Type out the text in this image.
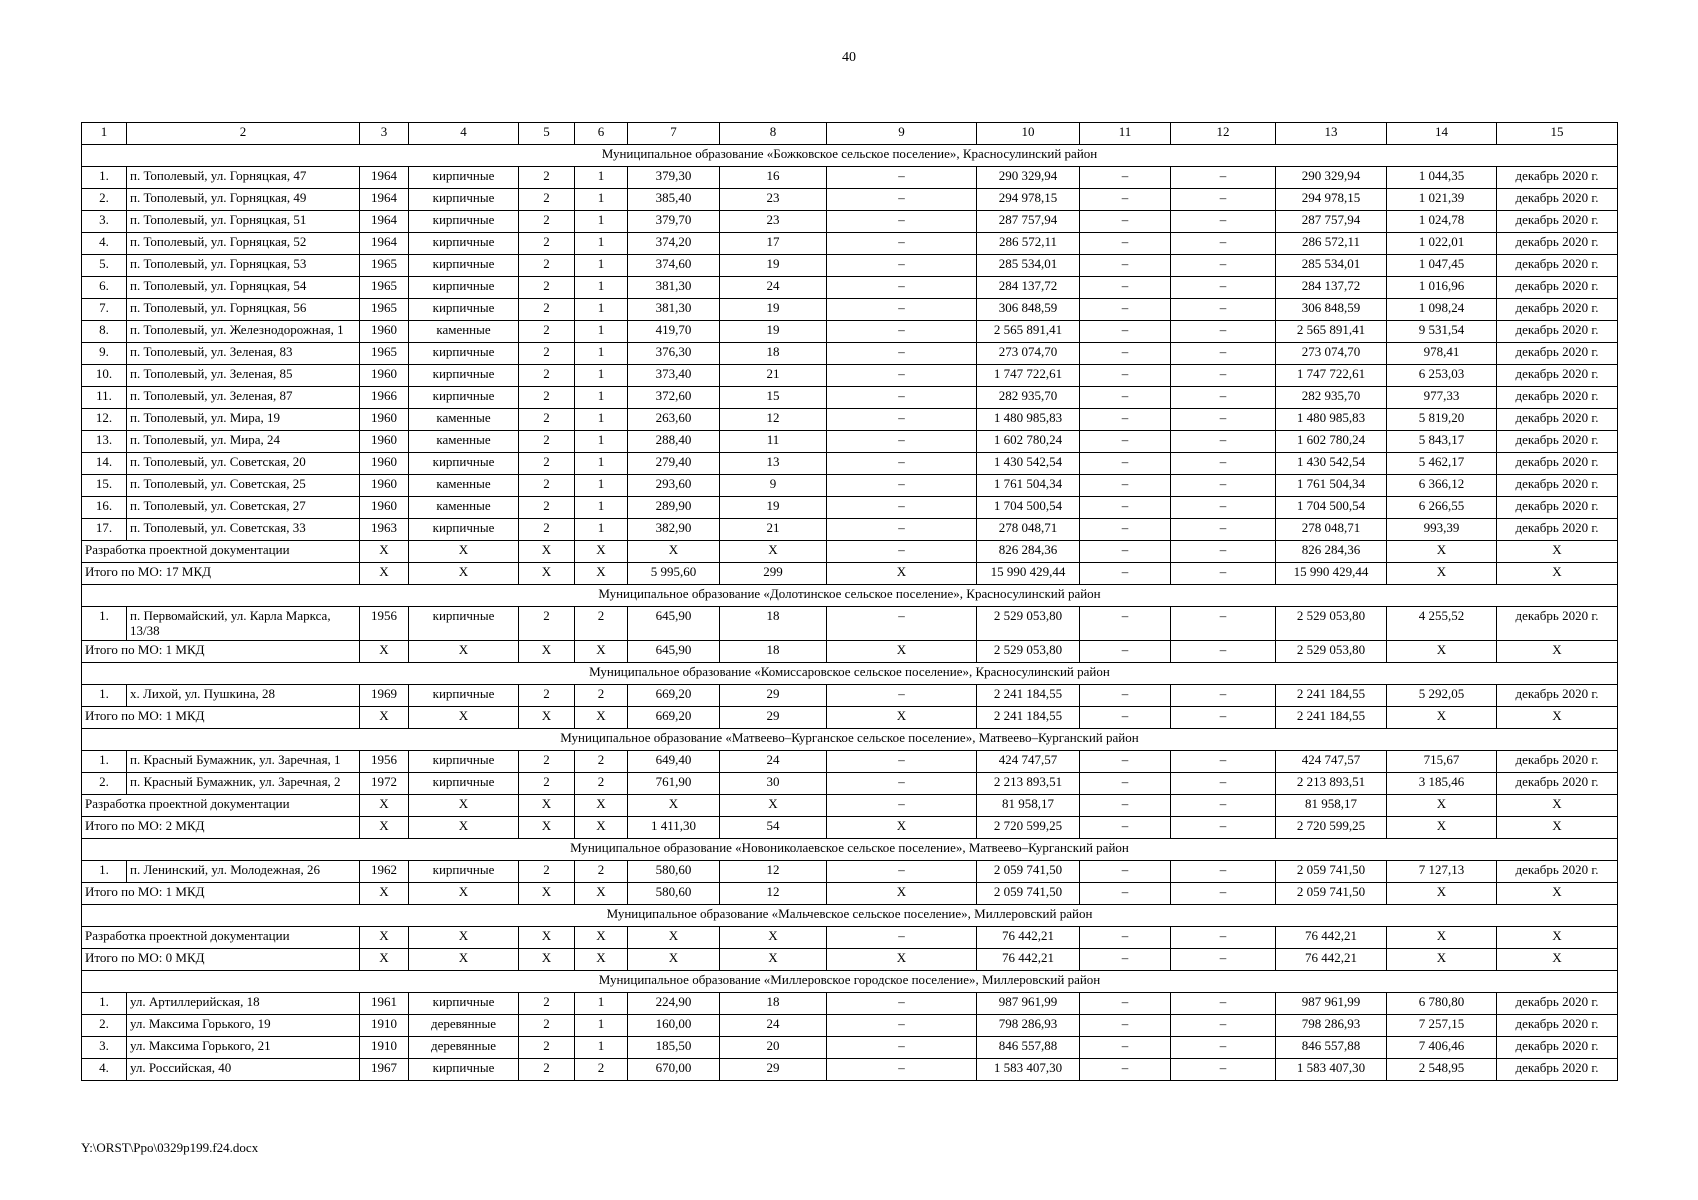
40
1	2	3	4	5	6	7	8	9	10	11	12	13	14	15
Муниципальное образование «Божковское сельское поселение», Красносулинский район														
1.	п. Тополевый, ул. Горняцкая, 47	1964	кирпичные	2	1	379,30	16	–	290 329,94	–	–	290 329,94	1 044,35	декабрь 2020 г.
2.	п. Тополевый, ул. Горняцкая, 49	1964	кирпичные	2	1	385,40	23	–	294 978,15	–	–	294 978,15	1 021,39	декабрь 2020 г.
3.	п. Тополевый, ул. Горняцкая, 51	1964	кирпичные	2	1	379,70	23	–	287 757,94	–	–	287 757,94	1 024,78	декабрь 2020 г.
4.	п. Тополевый, ул. Горняцкая, 52	1964	кирпичные	2	1	374,20	17	–	286 572,11	–	–	286 572,11	1 022,01	декабрь 2020 г.
5.	п. Тополевый, ул. Горняцкая, 53	1965	кирпичные	2	1	374,60	19	–	285 534,01	–	–	285 534,01	1 047,45	декабрь 2020 г.
6.	п. Тополевый, ул. Горняцкая, 54	1965	кирпичные	2	1	381,30	24	–	284 137,72	–	–	284 137,72	1 016,96	декабрь 2020 г.
7.	п. Тополевый, ул. Горняцкая, 56	1965	кирпичные	2	1	381,30	19	–	306 848,59	–	–	306 848,59	1 098,24	декабрь 2020 г.
8.	п. Тополевый, ул. Железнодорожная, 1	1960	каменные	2	1	419,70	19	–	2 565 891,41	–	–	2 565 891,41	9 531,54	декабрь 2020 г.
9.	п. Тополевый, ул. Зеленая, 83	1965	кирпичные	2	1	376,30	18	–	273 074,70	–	–	273 074,70	978,41	декабрь 2020 г.
10.	п. Тополевый, ул. Зеленая, 85	1960	кирпичные	2	1	373,40	21	–	1 747 722,61	–	–	1 747 722,61	6 253,03	декабрь 2020 г.
11.	п. Тополевый, ул. Зеленая, 87	1966	кирпичные	2	1	372,60	15	–	282 935,70	–	–	282 935,70	977,33	декабрь 2020 г.
12.	п. Тополевый, ул. Мира, 19	1960	каменные	2	1	263,60	12	–	1 480 985,83	–	–	1 480 985,83	5 819,20	декабрь 2020 г.
13.	п. Тополевый, ул. Мира, 24	1960	каменные	2	1	288,40	11	–	1 602 780,24	–	–	1 602 780,24	5 843,17	декабрь 2020 г.
14.	п. Тополевый, ул. Советская, 20	1960	кирпичные	2	1	279,40	13	–	1 430 542,54	–	–	1 430 542,54	5 462,17	декабрь 2020 г.
15.	п. Тополевый, ул. Советская, 25	1960	каменные	2	1	293,60	9	–	1 761 504,34	–	–	1 761 504,34	6 366,12	декабрь 2020 г.
16.	п. Тополевый, ул. Советская, 27	1960	каменные	2	1	289,90	19	–	1 704 500,54	–	–	1 704 500,54	6 266,55	декабрь 2020 г.
17.	п. Тополевый, ул. Советская, 33	1963	кирпичные	2	1	382,90	21	–	278 048,71	–	–	278 048,71	993,39	декабрь 2020 г.
Разработка проектной документации		X	X	X	X	X	X	–	826 284,36	–	–	826 284,36	X	X
Итого по МО: 17 МКД		X	X	X	X	5 995,60	299	X	15 990 429,44	–	–	15 990 429,44	X	X
Муниципальное образование «Долотинское сельское поселение», Красносулинский район														
1.	п. Первомайский, ул. Карла Маркса, 13/38	1956	кирпичные	2	2	645,90	18	–	2 529 053,80	–	–	2 529 053,80	4 255,52	декабрь 2020 г.
Итого по МО: 1 МКД		X	X	X	X	645,90	18	X	2 529 053,80	–	–	2 529 053,80	X	X
Муниципальное образование «Комиссаровское сельское поселение», Красносулинский район														
1.	х. Лихой, ул. Пушкина, 28	1969	кирпичные	2	2	669,20	29	–	2 241 184,55	–	–	2 241 184,55	5 292,05	декабрь 2020 г.
Итого по МО: 1 МКД		X	X	X	X	669,20	29	X	2 241 184,55	–	–	2 241 184,55	X	X
Муниципальное образование «Матвеево–Курганское сельское поселение», Матвеево–Курганский район														
1.	п. Красный Бумажник, ул. Заречная, 1	1956	кирпичные	2	2	649,40	24	–	424 747,57	–	–	424 747,57	715,67	декабрь 2020 г.
2.	п. Красный Бумажник, ул. Заречная, 2	1972	кирпичные	2	2	761,90	30	–	2 213 893,51	–	–	2 213 893,51	3 185,46	декабрь 2020 г.
Разработка проектной документации		X	X	X	X	X	X	–	81 958,17	–	–	81 958,17	X	X
Итого по МО: 2 МКД		X	X	X	X	1 411,30	54	X	2 720 599,25	–	–	2 720 599,25	X	X
Муниципальное образование «Новониколаевское сельское поселение», Матвеево–Курганский район														
1.	п. Ленинский, ул. Молодежная, 26	1962	кирпичные	2	2	580,60	12	–	2 059 741,50	–	–	2 059 741,50	7 127,13	декабрь 2020 г.
Итого по МО: 1 МКД		X	X	X	X	580,60	12	X	2 059 741,50	–	–	2 059 741,50	X	X
Муниципальное образование «Мальчевское сельское поселение», Миллеровский район														
Разработка проектной документации		X	X	X	X	X	X	–	76 442,21	–	–	76 442,21	X	X
Итого по МО: 0 МКД		X	X	X	X	X	X	X	76 442,21	–	–	76 442,21	X	X
Муниципальное образование «Миллеровское городское поселение», Миллеровский район														
1.	ул. Артиллерийская, 18	1961	кирпичные	2	1	224,90	18	–	987 961,99	–	–	987 961,99	6 780,80	декабрь 2020 г.
2.	ул. Максима Горького, 19	1910	деревянные	2	1	160,00	24	–	798 286,93	–	–	798 286,93	7 257,15	декабрь 2020 г.
3.	ул. Максима Горького, 21	1910	деревянные	2	1	185,50	20	–	846 557,88	–	–	846 557,88	7 406,46	декабрь 2020 г.
4.	ул. Российская, 40	1967	кирпичные	2	2	670,00	29	–	1 583 407,30	–	–	1 583 407,30	2 548,95	декабрь 2020 г.
Y:\ORST\Ppo\0329p199.f24.docx
